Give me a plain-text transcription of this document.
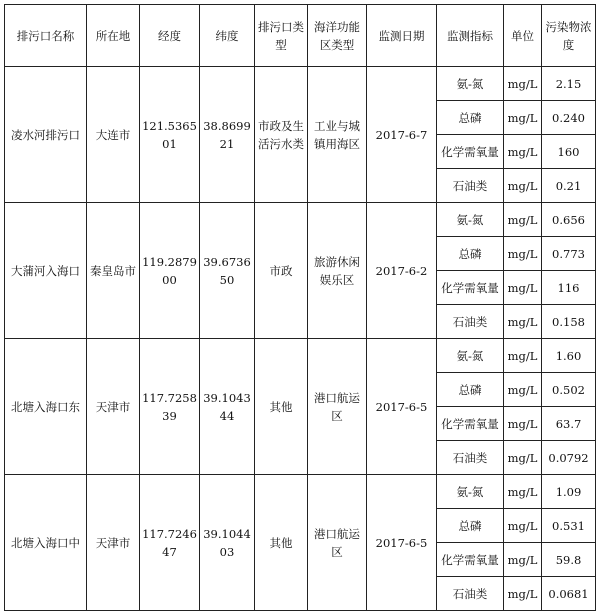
排污口名称	所在地	经度	纬度	排污口类型	海洋功能区类型	监测日期	监测指标	单位	污染物浓度
凌水河排污口	大连市	121.536501	38.869921	市政及生活污水类	工业与城镇用海区	2017-6-7	氨-氮	mg/L	2.15
							总磷	mg/L	0.240
							化学需氧量	mg/L	160
							石油类	mg/L	0.21
大蒲河入海口	秦皇岛市	119.287900	39.673650	市政	旅游休闲娱乐区	2017-6-2	氨-氮	mg/L	0.656
							总磷	mg/L	0.773
							化学需氧量	mg/L	116
							石油类	mg/L	0.158
北塘入海口东	天津市	117.725839	39.104344	其他	港口航运区	2017-6-5	氨-氮	mg/L	1.60
							总磷	mg/L	0.502
							化学需氧量	mg/L	63.7
							石油类	mg/L	0.0792
北塘入海口中	天津市	117.724647	39.104403	其他	港口航运区	2017-6-5	氨-氮	mg/L	1.09
							总磷	mg/L	0.531
							化学需氧量	mg/L	59.8
							石油类	mg/L	0.0681
